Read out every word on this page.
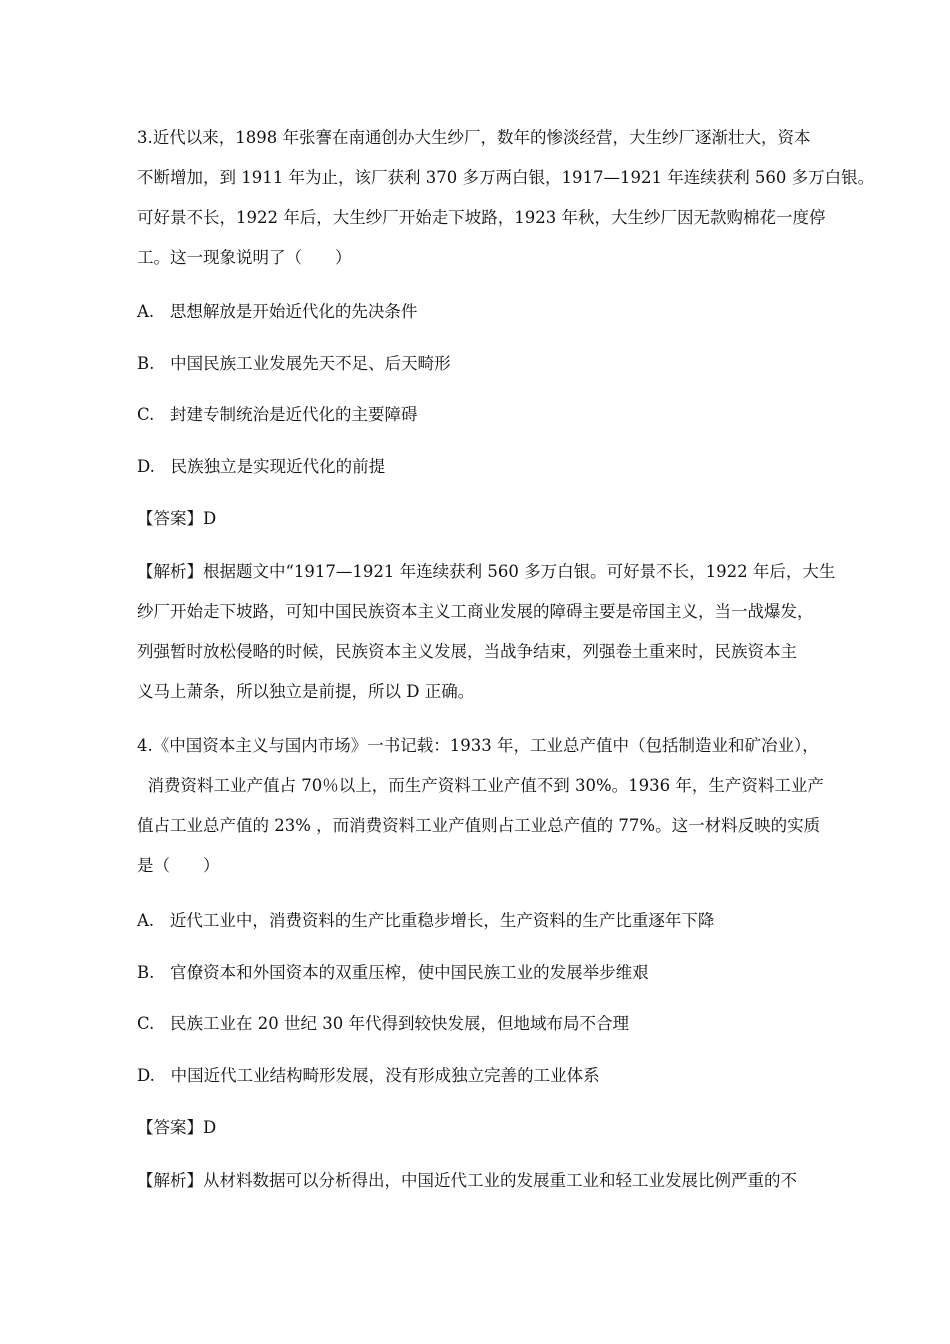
3.近代以来，1898 年张謇在南通创办大生纱厂，数年的惨淡经营，大生纱厂逐渐壮大，资本

不断增加，到 1911 年为止，该厂获利 370 多万两白银，1917—1921 年连续获利 560 多万白银。

可好景不长，1922 年后，大生纱厂开始走下坡路，1923 年秋，大生纱厂因无款购棉花一度停

工。这一现象说明了（　　）

A. 思想解放是开始近代化的先决条件

B. 中国民族工业发展先天不足、后天畸形

C. 封建专制统治是近代化的主要障碍

D. 民族独立是实现近代化的前提

【答案】D

【解析】根据题文中“1917—1921 年连续获利 560 多万白银。可好景不长，1922 年后，大生

纱厂开始走下坡路，可知中国民族资本主义工商业发展的障碍主要是帝国主义，当一战爆发，

列强暂时放松侵略的时候，民族资本主义发展，当战争结束，列强卷土重来时，民族资本主

义马上萧条，所以独立是前提，所以 D 正确。

4.《中国资本主义与国内市场》一书记载：1933 年，工业总产值中（包括制造业和矿冶业），

消费资料工业产值占 70％以上，而生产资料工业产值不到 30%。1936 年，生产资料工业产

值占工业总产值的 23% ，而消费资料工业产值则占工业总产值的 77%。这一材料反映的实质

是（　　）

A. 近代工业中，消费资料的生产比重稳步增长，生产资料的生产比重逐年下降

B. 官僚资本和外国资本的双重压榨，使中国民族工业的发展举步维艰

C. 民族工业在 20 世纪 30 年代得到较快发展，但地域布局不合理

D. 中国近代工业结构畸形发展，没有形成独立完善的工业体系

【答案】D

【解析】从材料数据可以分析得出，中国近代工业的发展重工业和轻工业发展比例严重的不
